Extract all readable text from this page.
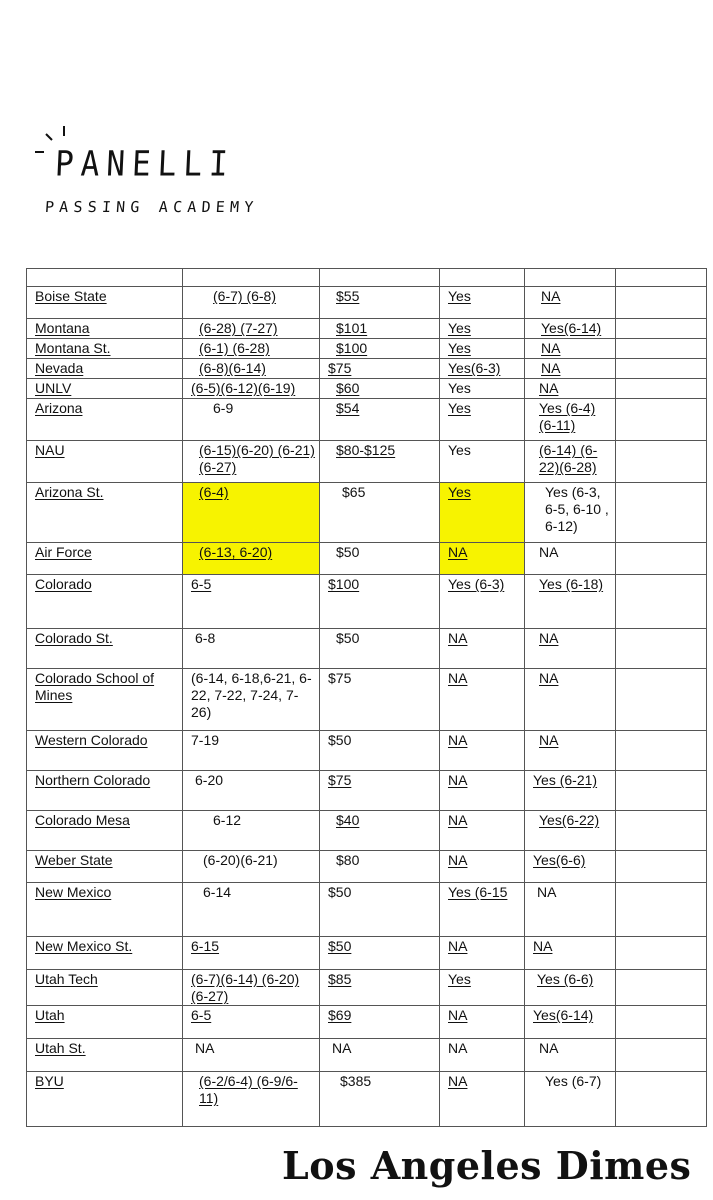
PANELLI
PASSING ACADEMY

Boise State	(6-7) (6-8)	$55	Yes	NA	
Montana	(6-28) (7-27)	$101	Yes	Yes(6-14)	
Montana St.	(6-1) (6-28)	$100	Yes	NA	
Nevada	(6-8)(6-14)	$75	Yes(6-3)	NA	
UNLV	(6-5)(6-12)(6-19)	$60	Yes	NA	
Arizona	6-9	$54	Yes	Yes (6-4) (6-11)	
NAU	(6-15)(6-20) (6-21)(6-27)	$80-$125	Yes	(6-14) (6-22)(6-28)	
Arizona St.	(6-4)	$65	Yes	Yes (6-3, 6-5, 6-10 , 6-12)	
Air Force	(6-13, 6-20)	$50	NA	NA	
Colorado	6-5	$100	Yes (6-3)	Yes (6-18)	
Colorado St.	6-8	$50	NA	NA	
Colorado School of Mines	(6-14, 6-18,6-21, 6-22, 7-22, 7-24, 7-26)	$75	NA	NA	
Western Colorado	7-19	$50	NA	NA	
Northern Colorado	6-20	$75	NA	Yes (6-21)	
Colorado Mesa	6-12	$40	NA	Yes(6-22)	
Weber State	(6-20)(6-21)	$80	NA	Yes(6-6)	
New Mexico	6-14	$50	Yes (6-15	NA	
New Mexico St.	6-15	$50	NA	NA	
Utah Tech	(6-7)(6-14) (6-20)(6-27)	$85	Yes	Yes (6-6)	
Utah	6-5	$69	NA	Yes(6-14)	
Utah St.	NA	NA	NA	NA	
BYU	(6-2/6-4) (6-9/6-11)	$385	NA	Yes (6-7)	
Los Angeles Dimes
